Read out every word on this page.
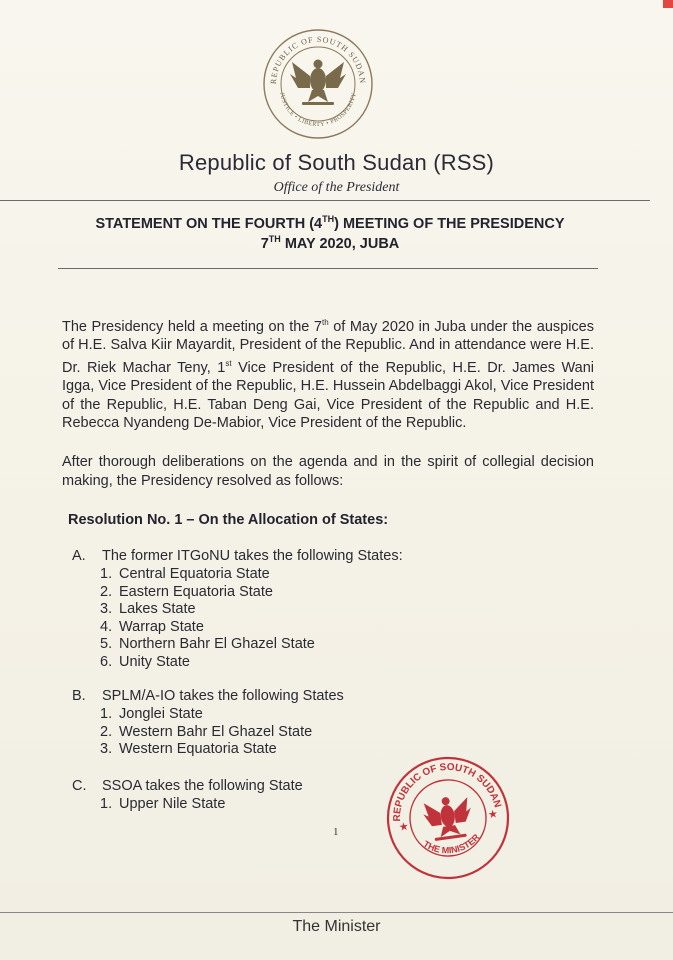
REPUBLIC OF SOUTH SUDAN
JUSTICE • LIBERTY • PROSPERITY
Republic of South Sudan (RSS)
Office of the President
STATEMENT ON THE FOURTH (4TH) MEETING OF THE PRESIDENCY
7TH MAY 2020, JUBA
The Presidency held a meeting on the 7th of May 2020 in Juba under the auspices of H.E. Salva Kiir Mayardit, President of the Republic. And in attendance were H.E. Dr. Riek Machar Teny, 1st Vice President of the Republic, H.E. Dr. James Wani Igga, Vice President of the Republic, H.E. Hussein Abdelbaggi Akol, Vice President of the Republic, H.E. Taban Deng Gai, Vice President of the Republic and H.E. Rebecca Nyandeng De-Mabior, Vice President of the Republic.
After thorough deliberations on the agenda and in the spirit of collegial decision making, the Presidency resolved as follows:
Resolution No. 1 – On the Allocation of States:
A. The former ITGoNU takes the following States:
1. Central Equatoria State
2. Eastern Equatoria State
3. Lakes State
4. Warrap State
5. Northern Bahr El Ghazel State
6. Unity State
B. SPLM/A-IO takes the following States
1. Jonglei State
2. Western Bahr El Ghazel State
3. Western Equatoria State
C. SSOA takes the following State
1. Upper Nile State
1
REPUBLIC OF SOUTH SUDAN
THE MINISTER
★
★
The Minister
